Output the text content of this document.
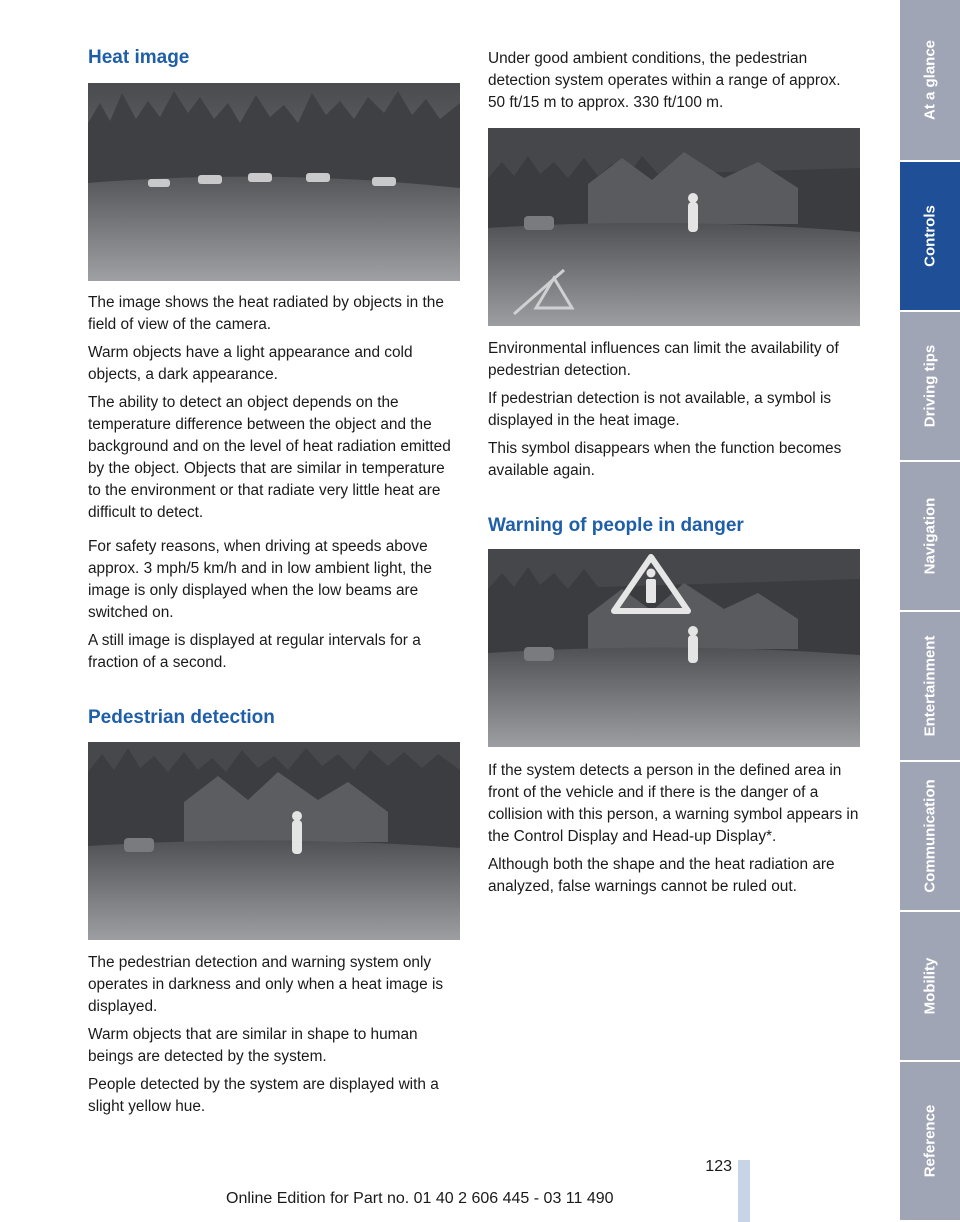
Heat image

The image shows the heat radiated by objects in the field of view of the camera.

Warm objects have a light appearance and cold objects, a dark appearance.

The ability to detect an object depends on the temperature difference between the object and the background and on the level of heat radiation emitted by the object. Objects that are similar in temperature to the environment or that radiate very little heat are difficult to detect.

For safety reasons, when driving at speeds above approx. 3 mph/5 km/h and in low ambient light, the image is only displayed when the low beams are switched on.

A still image is displayed at regular intervals for a fraction of a second.

Pedestrian detection

The pedestrian detection and warning system only operates in darkness and only when a heat image is displayed.

Warm objects that are similar in shape to human beings are detected by the system.

People detected by the system are displayed with a slight yellow hue.

Under good ambient conditions, the pedestrian detection system operates within a range of approx. 50 ft/15 m to approx. 330 ft/100 m.

Environmental influences can limit the availability of pedestrian detection.

If pedestrian detection is not available, a symbol is displayed in the heat image.

This symbol disappears when the function becomes available again.

Warning of people in danger

If the system detects a person in the defined area in front of the vehicle and if there is the danger of a collision with this person, a warning symbol appears in the Control Display and Head-up Display*.

Although both the shape and the heat radiation are analyzed, false warnings cannot be ruled out.

At a glance
Controls
Driving tips
Navigation
Entertainment
Communication
Mobility
Reference
123
Online Edition for Part no. 01 40 2 606 445 - 03 11 490
